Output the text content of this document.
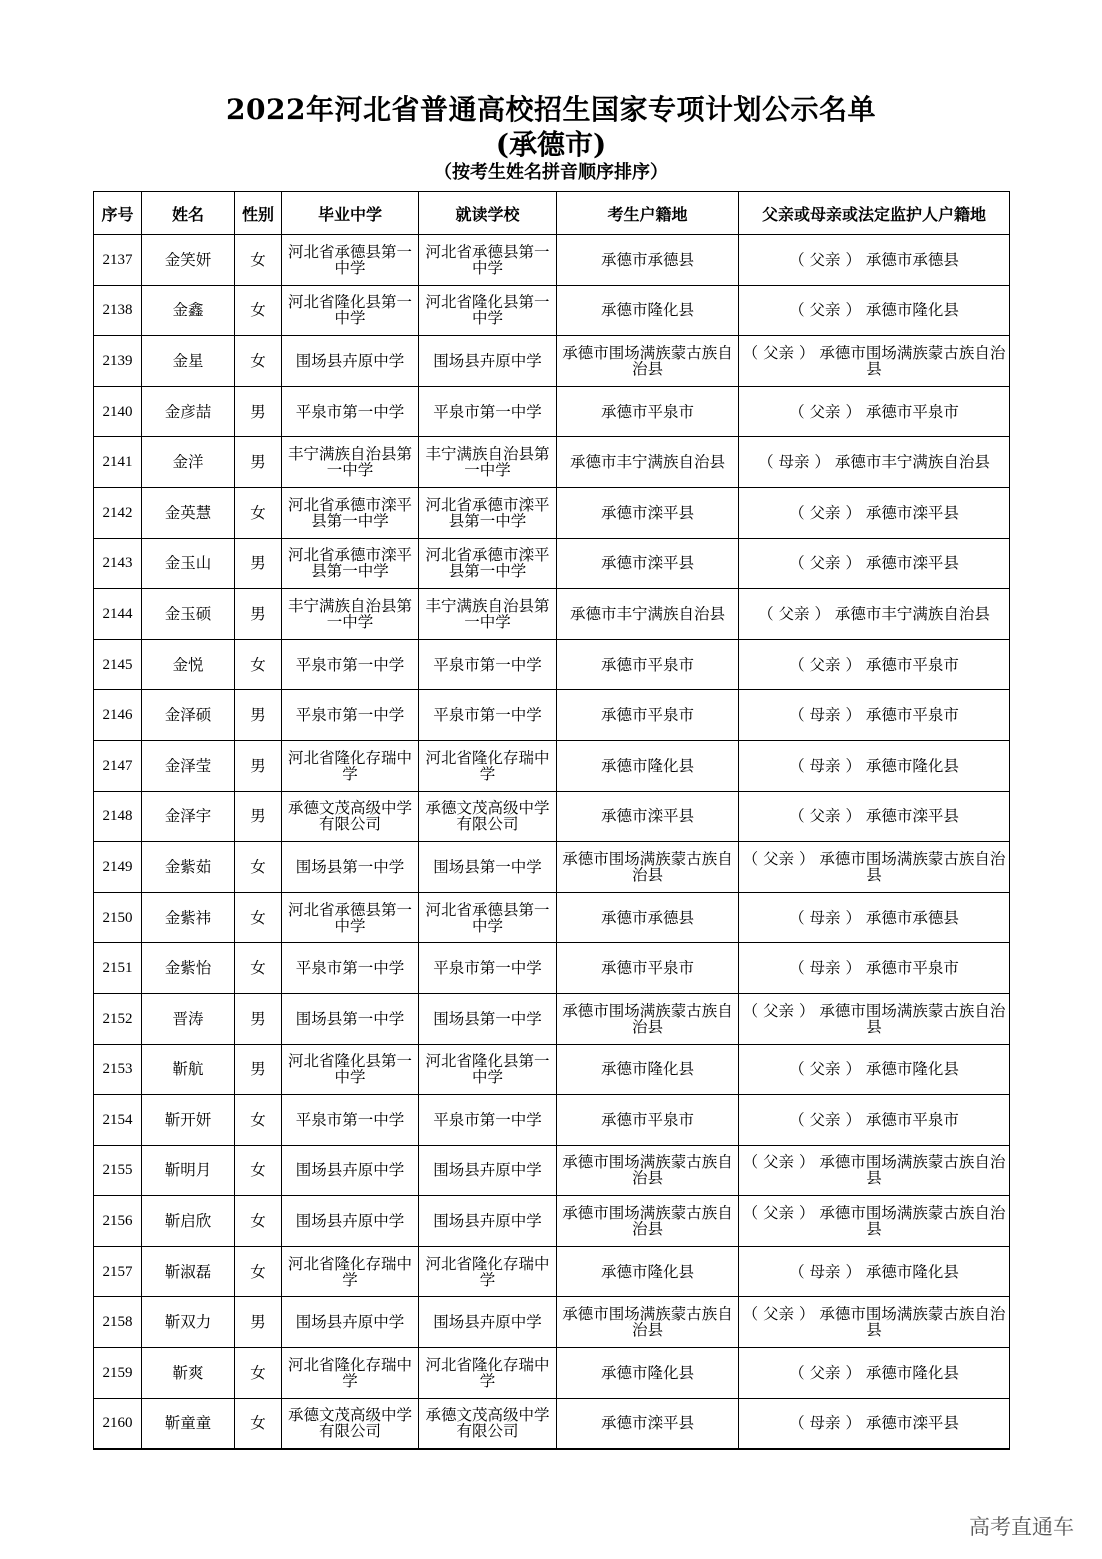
2022年河北省普通高校招生国家专项计划公示名单
(承德市)
（按考生姓名拼音顺序排序）
序号	姓名	性别	毕业中学	就读学校	考生户籍地	父亲或母亲或法定监护人户籍地
2137	金笑妍	女	河北省承德县第一中学	河北省承德县第一中学	承德市承德县	（ 父亲 ） 承德市承德县
2138	金鑫	女	河北省隆化县第一中学	河北省隆化县第一中学	承德市隆化县	（ 父亲 ） 承德市隆化县
2139	金星	女	围场县卉原中学	围场县卉原中学	承德市围场满族蒙古族自治县	（ 父亲 ） 承德市围场满族蒙古族自治县
2140	金彦喆	男	平泉市第一中学	平泉市第一中学	承德市平泉市	（ 父亲 ） 承德市平泉市
2141	金洋	男	丰宁满族自治县第一中学	丰宁满族自治县第一中学	承德市丰宁满族自治县	（ 母亲 ） 承德市丰宁满族自治县
2142	金英慧	女	河北省承德市滦平县第一中学	河北省承德市滦平县第一中学	承德市滦平县	（ 父亲 ） 承德市滦平县
2143	金玉山	男	河北省承德市滦平县第一中学	河北省承德市滦平县第一中学	承德市滦平县	（ 父亲 ） 承德市滦平县
2144	金玉硕	男	丰宁满族自治县第一中学	丰宁满族自治县第一中学	承德市丰宁满族自治县	（ 父亲 ） 承德市丰宁满族自治县
2145	金悦	女	平泉市第一中学	平泉市第一中学	承德市平泉市	（ 父亲 ） 承德市平泉市
2146	金泽硕	男	平泉市第一中学	平泉市第一中学	承德市平泉市	（ 母亲 ） 承德市平泉市
2147	金泽莹	男	河北省隆化存瑞中学	河北省隆化存瑞中学	承德市隆化县	（ 母亲 ） 承德市隆化县
2148	金泽宇	男	承德文茂高级中学有限公司	承德文茂高级中学有限公司	承德市滦平县	（ 父亲 ） 承德市滦平县
2149	金紫茹	女	围场县第一中学	围场县第一中学	承德市围场满族蒙古族自治县	（ 父亲 ） 承德市围场满族蒙古族自治县
2150	金紫祎	女	河北省承德县第一中学	河北省承德县第一中学	承德市承德县	（ 母亲 ） 承德市承德县
2151	金紫怡	女	平泉市第一中学	平泉市第一中学	承德市平泉市	（ 母亲 ） 承德市平泉市
2152	晋涛	男	围场县第一中学	围场县第一中学	承德市围场满族蒙古族自治县	（ 父亲 ） 承德市围场满族蒙古族自治县
2153	靳航	男	河北省隆化县第一中学	河北省隆化县第一中学	承德市隆化县	（ 父亲 ） 承德市隆化县
2154	靳开妍	女	平泉市第一中学	平泉市第一中学	承德市平泉市	（ 父亲 ） 承德市平泉市
2155	靳明月	女	围场县卉原中学	围场县卉原中学	承德市围场满族蒙古族自治县	（ 父亲 ） 承德市围场满族蒙古族自治县
2156	靳启欣	女	围场县卉原中学	围场县卉原中学	承德市围场满族蒙古族自治县	（ 父亲 ） 承德市围场满族蒙古族自治县
2157	靳淑磊	女	河北省隆化存瑞中学	河北省隆化存瑞中学	承德市隆化县	（ 母亲 ） 承德市隆化县
2158	靳双力	男	围场县卉原中学	围场县卉原中学	承德市围场满族蒙古族自治县	（ 父亲 ） 承德市围场满族蒙古族自治县
2159	靳爽	女	河北省隆化存瑞中学	河北省隆化存瑞中学	承德市隆化县	（ 父亲 ） 承德市隆化县
2160	靳童童	女	承德文茂高级中学有限公司	承德文茂高级中学有限公司	承德市滦平县	（ 母亲 ） 承德市滦平县
高考直通车
